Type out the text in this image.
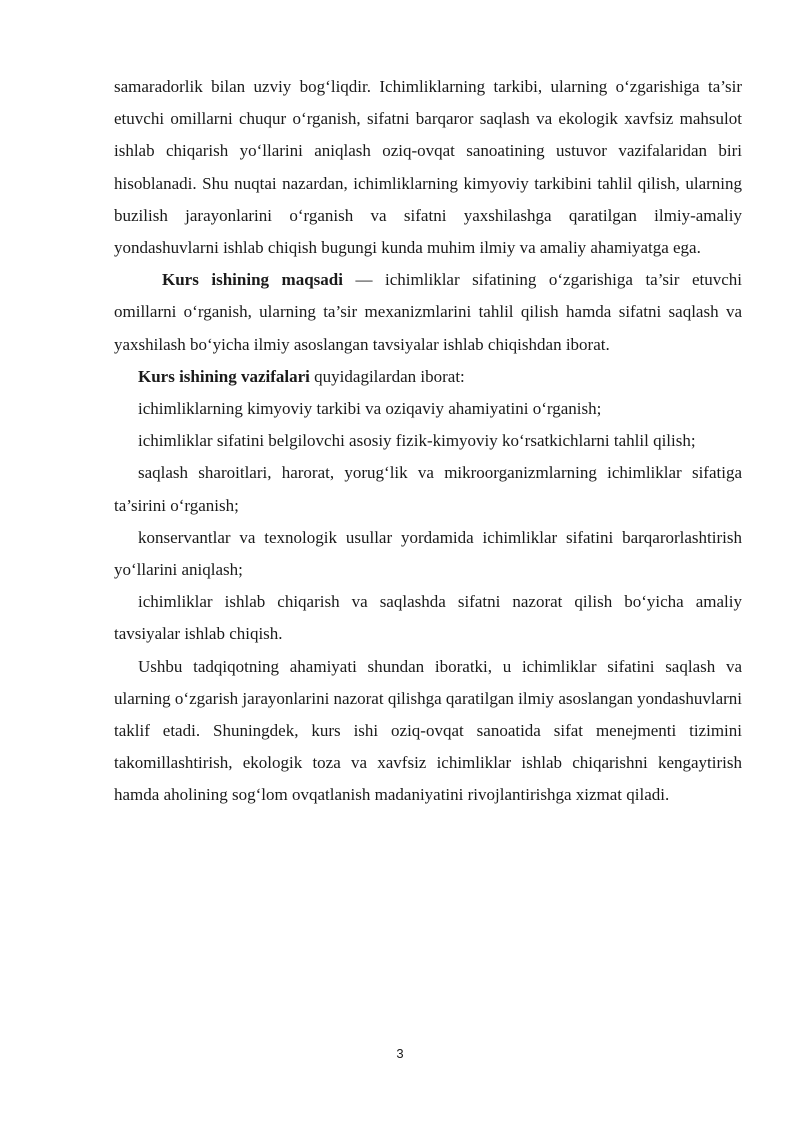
samaradorlik bilan uzviy bog‘liqdir. Ichimliklarning tarkibi, ularning o‘zgarishiga ta’sir etuvchi omillarni chuqur o‘rganish, sifatni barqaror saqlash va ekologik xavfsiz mahsulot ishlab chiqarish yo‘llarini aniqlash oziq-ovqat sanoatining ustuvor vazifalaridan biri hisoblanadi. Shu nuqtai nazardan, ichimliklarning kimyoviy tarkibini tahlil qilish, ularning buzilish jarayonlarini o‘rganish va sifatni yaxshilashga qaratilgan ilmiy-amaliy yondashuvlarni ishlab chiqish bugungi kunda muhim ilmiy va amaliy ahamiyatga ega.

Kurs ishining maqsadi — ichimliklar sifatining o‘zgarishiga ta’sir etuvchi omillarni o‘rganish, ularning ta’sir mexanizmlarini tahlil qilish hamda sifatni saqlash va yaxshilash bo‘yicha ilmiy asoslangan tavsiyalar ishlab chiqishdan iborat.

Kurs ishining vazifalari quyidagilardan iborat:

ichimliklarning kimyoviy tarkibi va oziqaviy ahamiyatini o‘rganish;

ichimliklar sifatini belgilovchi asosiy fizik-kimyoviy ko‘rsatkichlarni tahlil qilish;

saqlash sharoitlari, harorat, yorug‘lik va mikroorganizmlarning ichimliklar sifatiga ta’sirini o‘rganish;

konservantlar va texnologik usullar yordamida ichimliklar sifatini barqarorlashtirish yo‘llarini aniqlash;

ichimliklar ishlab chiqarish va saqlashda sifatni nazorat qilish bo‘yicha amaliy tavsiyalar ishlab chiqish.

Ushbu tadqiqotning ahamiyati shundan iboratki, u ichimliklar sifatini saqlash va ularning o‘zgarish jarayonlarini nazorat qilishga qaratilgan ilmiy asoslangan yondashuvlarni taklif etadi. Shuningdek, kurs ishi oziq-ovqat sanoatida sifat menejmenti tizimini takomillashtirish, ekologik toza va xavfsiz ichimliklar ishlab chiqarishni kengaytirish hamda aholining sog‘lom ovqatlanish madaniyatini rivojlantirishga xizmat qiladi.

3
